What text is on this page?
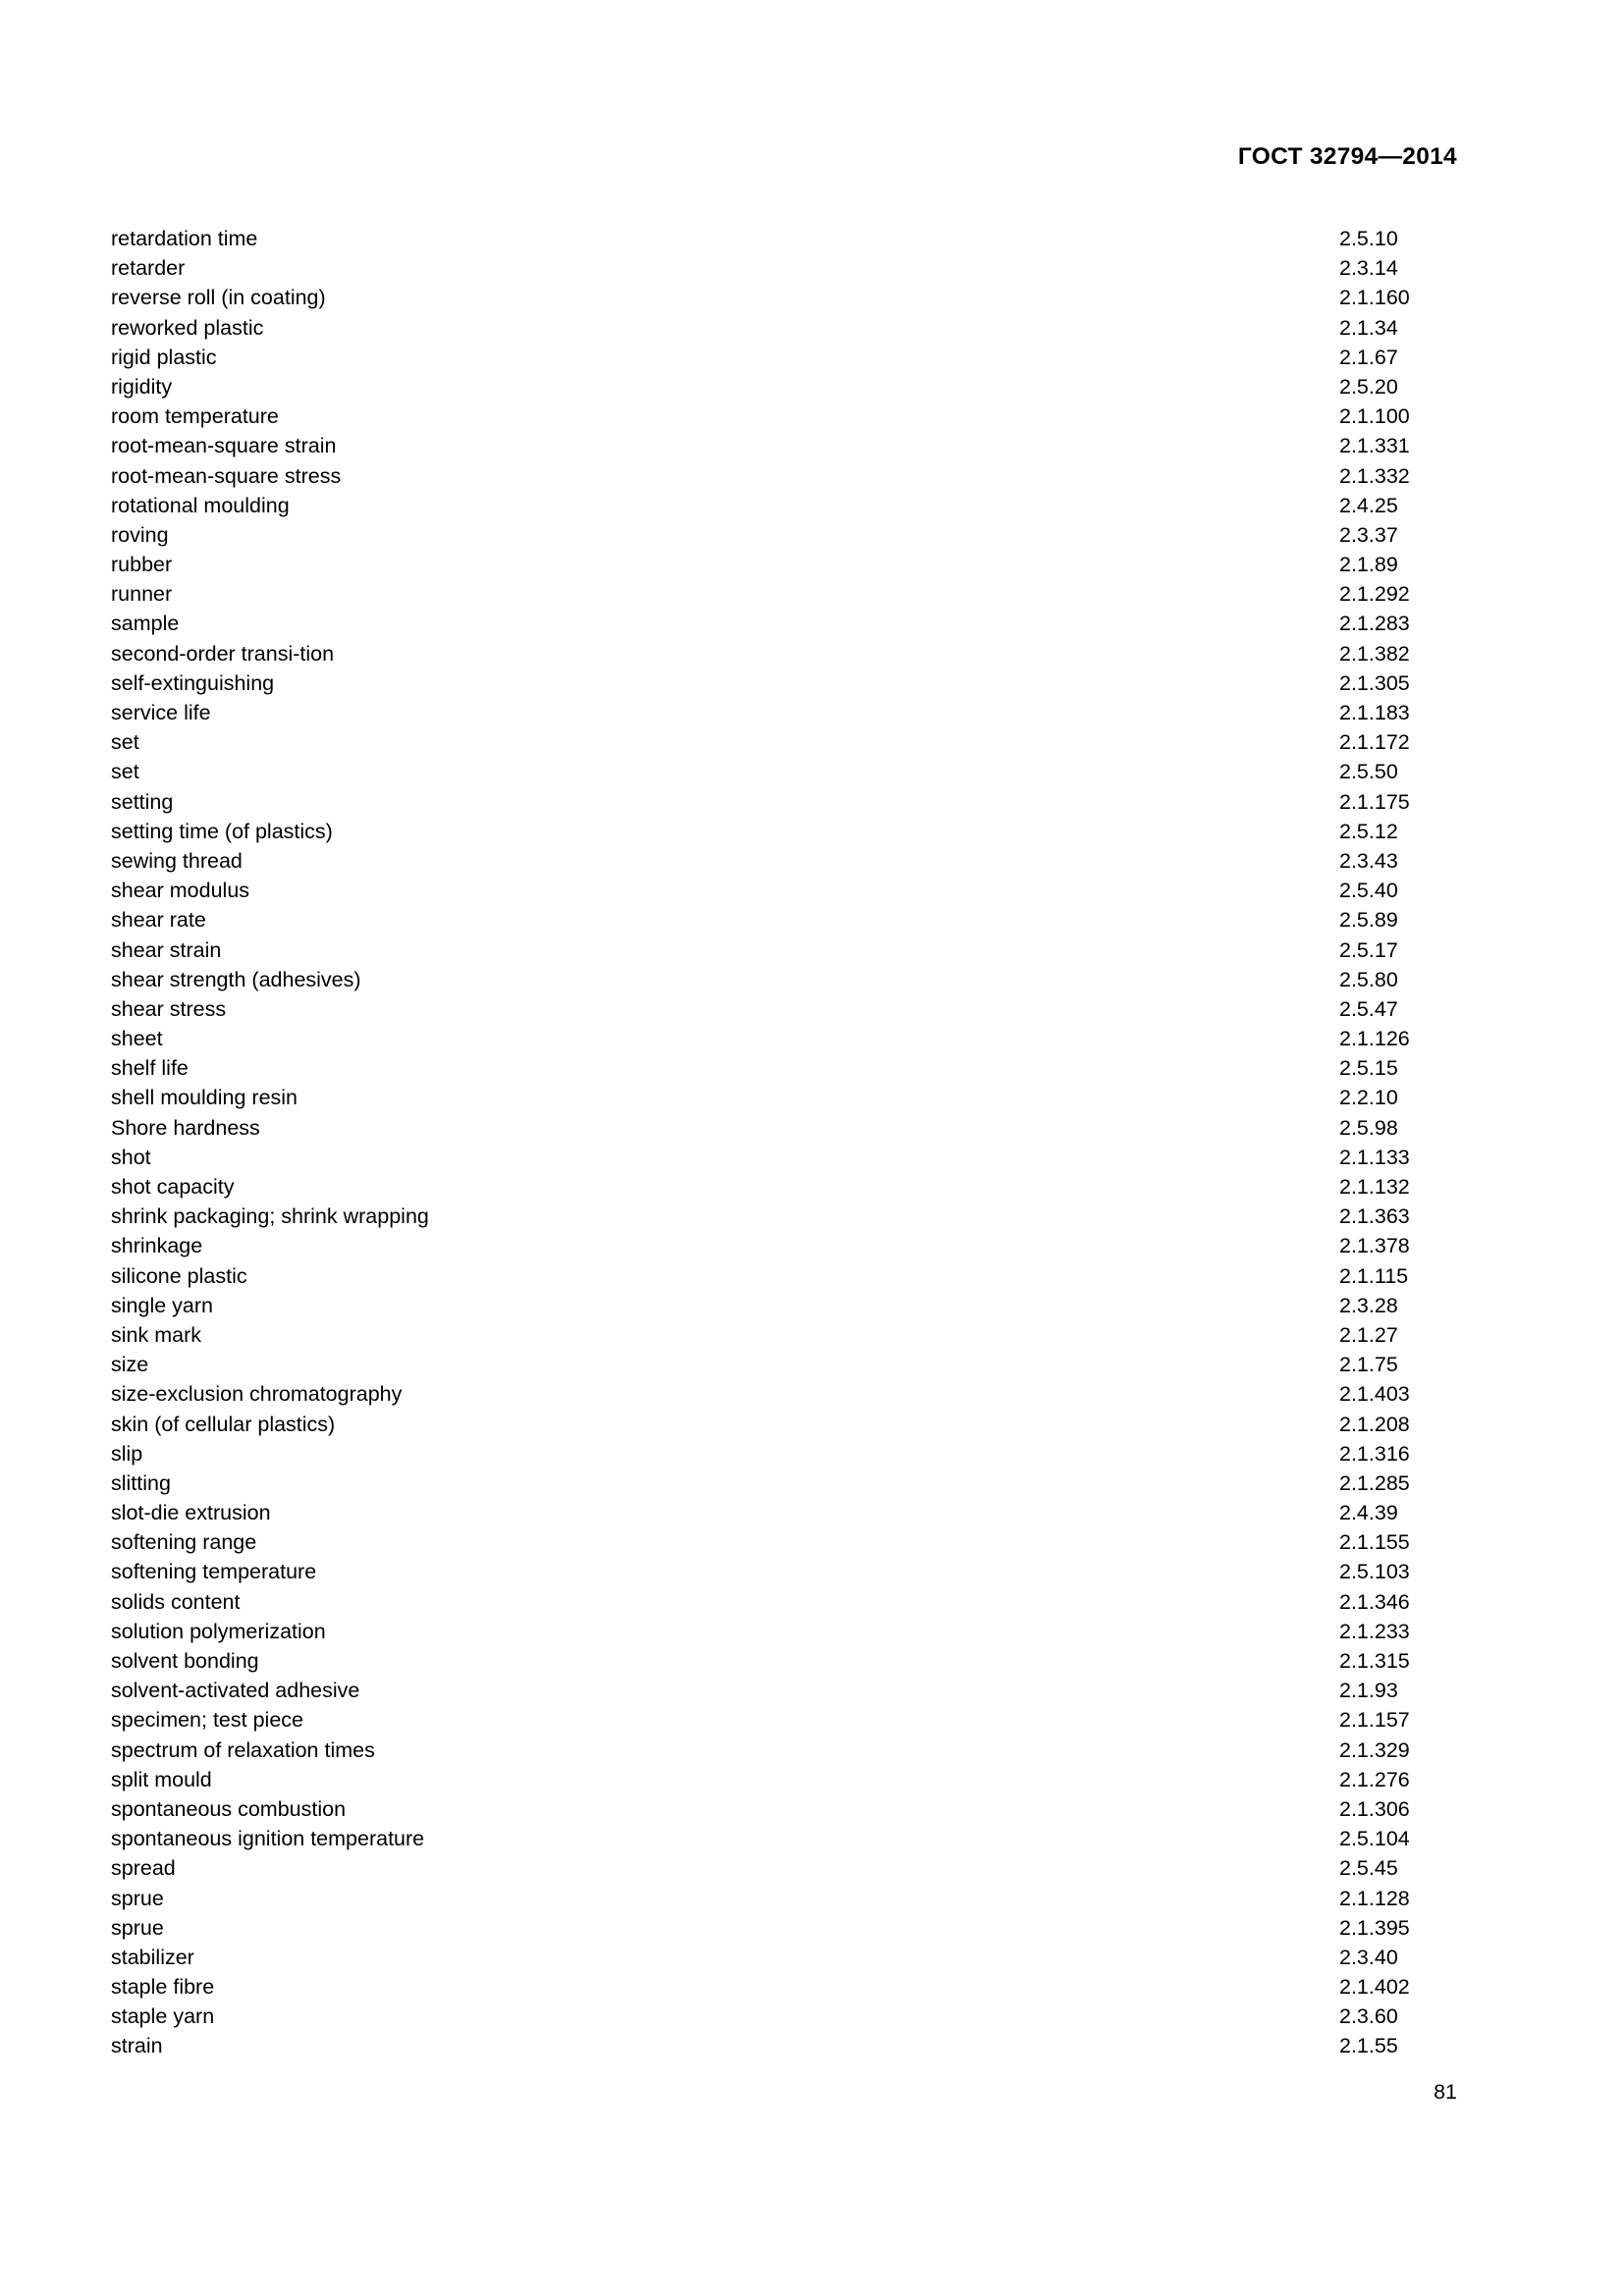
ГОСТ 32794—2014
retardation time	2.5.10
retarder	2.3.14
reverse roll (in coating)	2.1.160
reworked plastic	2.1.34
rigid plastic	2.1.67
rigidity	2.5.20
room temperature	2.1.100
root-mean-square strain	2.1.331
root-mean-square stress	2.1.332
rotational moulding	2.4.25
roving	2.3.37
rubber	2.1.89
runner	2.1.292
sample	2.1.283
second-order transi-tion	2.1.382
self-extinguishing	2.1.305
service life	2.1.183
set	2.1.172
set	2.5.50
setting	2.1.175
setting time (of plastics)	2.5.12
sewing thread	2.3.43
shear modulus	2.5.40
shear rate	2.5.89
shear strain	2.5.17
shear strength (adhesives)	2.5.80
shear stress	2.5.47
sheet	2.1.126
shelf life	2.5.15
shell moulding resin	2.2.10
Shore hardness	2.5.98
shot	2.1.133
shot capacity	2.1.132
shrink packaging; shrink wrapping	2.1.363
shrinkage	2.1.378
silicone plastic	2.1.115
single yarn	2.3.28
sink mark	2.1.27
size	2.1.75
size-exclusion chromatography	2.1.403
skin (of cellular plastics)	2.1.208
slip	2.1.316
slitting	2.1.285
slot-die extrusion	2.4.39
softening range	2.1.155
softening temperature	2.5.103
solids content	2.1.346
solution polymerization	2.1.233
solvent bonding	2.1.315
solvent-activated adhesive	2.1.93
specimen; test piece	2.1.157
spectrum of relaxation times	2.1.329
split mould	2.1.276
spontaneous combustion	2.1.306
spontaneous ignition temperature	2.5.104
spread	2.5.45
sprue	2.1.128
sprue	2.1.395
stabilizer	2.3.40
staple fibre	2.1.402
staple yarn	2.3.60
strain	2.1.55
81
